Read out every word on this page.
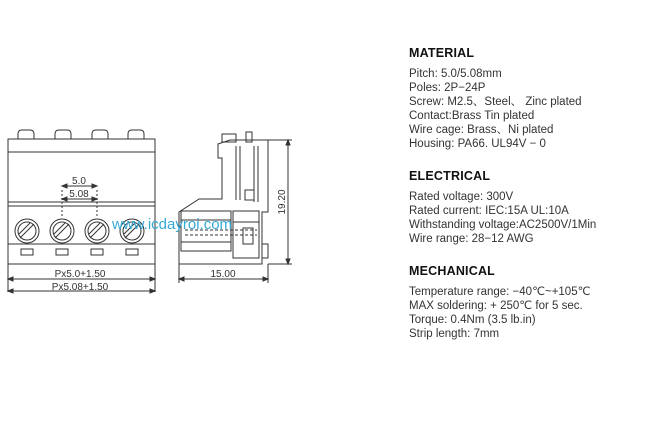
5.0
5.08
Px5.0+1.50
Px5.08+1.50
19.20
15.00
www.icdayroi.com
MATERIAL
Pitch: 5.0/5.08mm
Poles: 2P−24P
Screw: M2.5、Steel、 Zinc plated
Contact:Brass Tin plated
Wire cage: Brass、Ni plated
Housing: PA66. UL94V − 0
ELECTRICAL
Rated voltage: 300V
Rated current: IEC:15A UL:10A
Withstanding voltage:AC2500V/1Min
Wire range: 28−12 AWG
MECHANICAL
Temperature range: −40℃~+105℃
MAX soldering: + 250℃ for 5 sec.
Torque: 0.4Nm (3.5 lb.in)
Strip length: 7mm
